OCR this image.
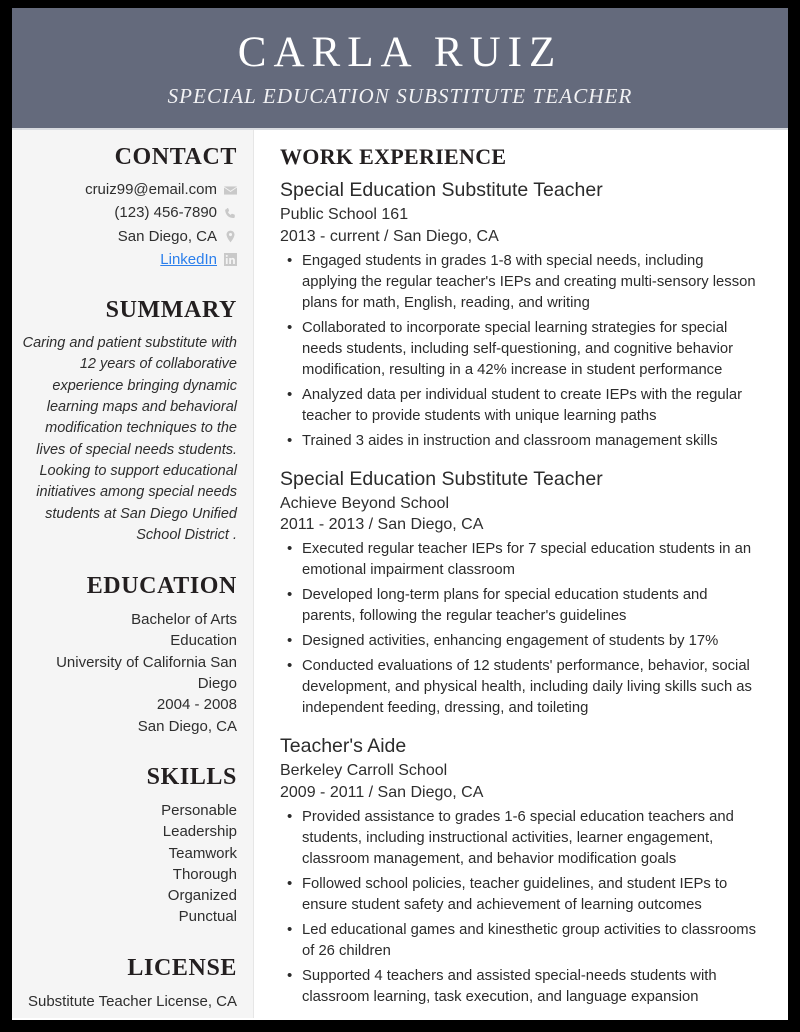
CARLA RUIZ
SPECIAL EDUCATION SUBSTITUTE TEACHER
CONTACT
cruiz99@email.com
(123) 456-7890
San Diego, CA
LinkedIn
SUMMARY

Caring and patient substitute with 12 years of collaborative experience bringing dynamic learning maps and behavioral modification techniques to the lives of special needs students. Looking to support educational initiatives among special needs students at San Diego Unified School District .

EDUCATION
Bachelor of Arts
Education
University of California San Diego
2004 - 2008
San Diego, CA
SKILLS
Personable
Leadership
Teamwork
Thorough
Organized
Punctual
LICENSE
Substitute Teacher License, CA
WORK EXPERIENCE
Special Education Substitute Teacher
Public School 161
2013 - current / San Diego, CA
• Engaged students in grades 1-8 with special needs, including applying the regular teacher's IEPs and creating multi-sensory lesson plans for math, English, reading, and writing
• Collaborated to incorporate special learning strategies for special needs students, including self-questioning, and cognitive behavior modification, resulting in a 42% increase in student performance
• Analyzed data per individual student to create IEPs with the regular teacher to provide students with unique learning paths
• Trained 3 aides in instruction and classroom management skills
Special Education Substitute Teacher
Achieve Beyond School
2011 - 2013 / San Diego, CA
• Executed regular teacher IEPs for 7 special education students in an emotional impairment classroom
• Developed long-term plans for special education students and parents, following the regular teacher's guidelines
• Designed activities, enhancing engagement of students by 17%
• Conducted evaluations of 12 students' performance, behavior, social development, and physical health, including daily living skills such as independent feeding, dressing, and toileting
Teacher's Aide
Berkeley Carroll School
2009 - 2011 / San Diego, CA
• Provided assistance to grades 1-6 special education teachers and students, including instructional activities, learner engagement, classroom management, and behavior modification goals
• Followed school policies, teacher guidelines, and student IEPs to ensure student safety and achievement of learning outcomes
• Led educational games and kinesthetic group activities to classrooms of 26 children
• Supported 4 teachers and assisted special-needs students with classroom learning, task execution, and language expansion
